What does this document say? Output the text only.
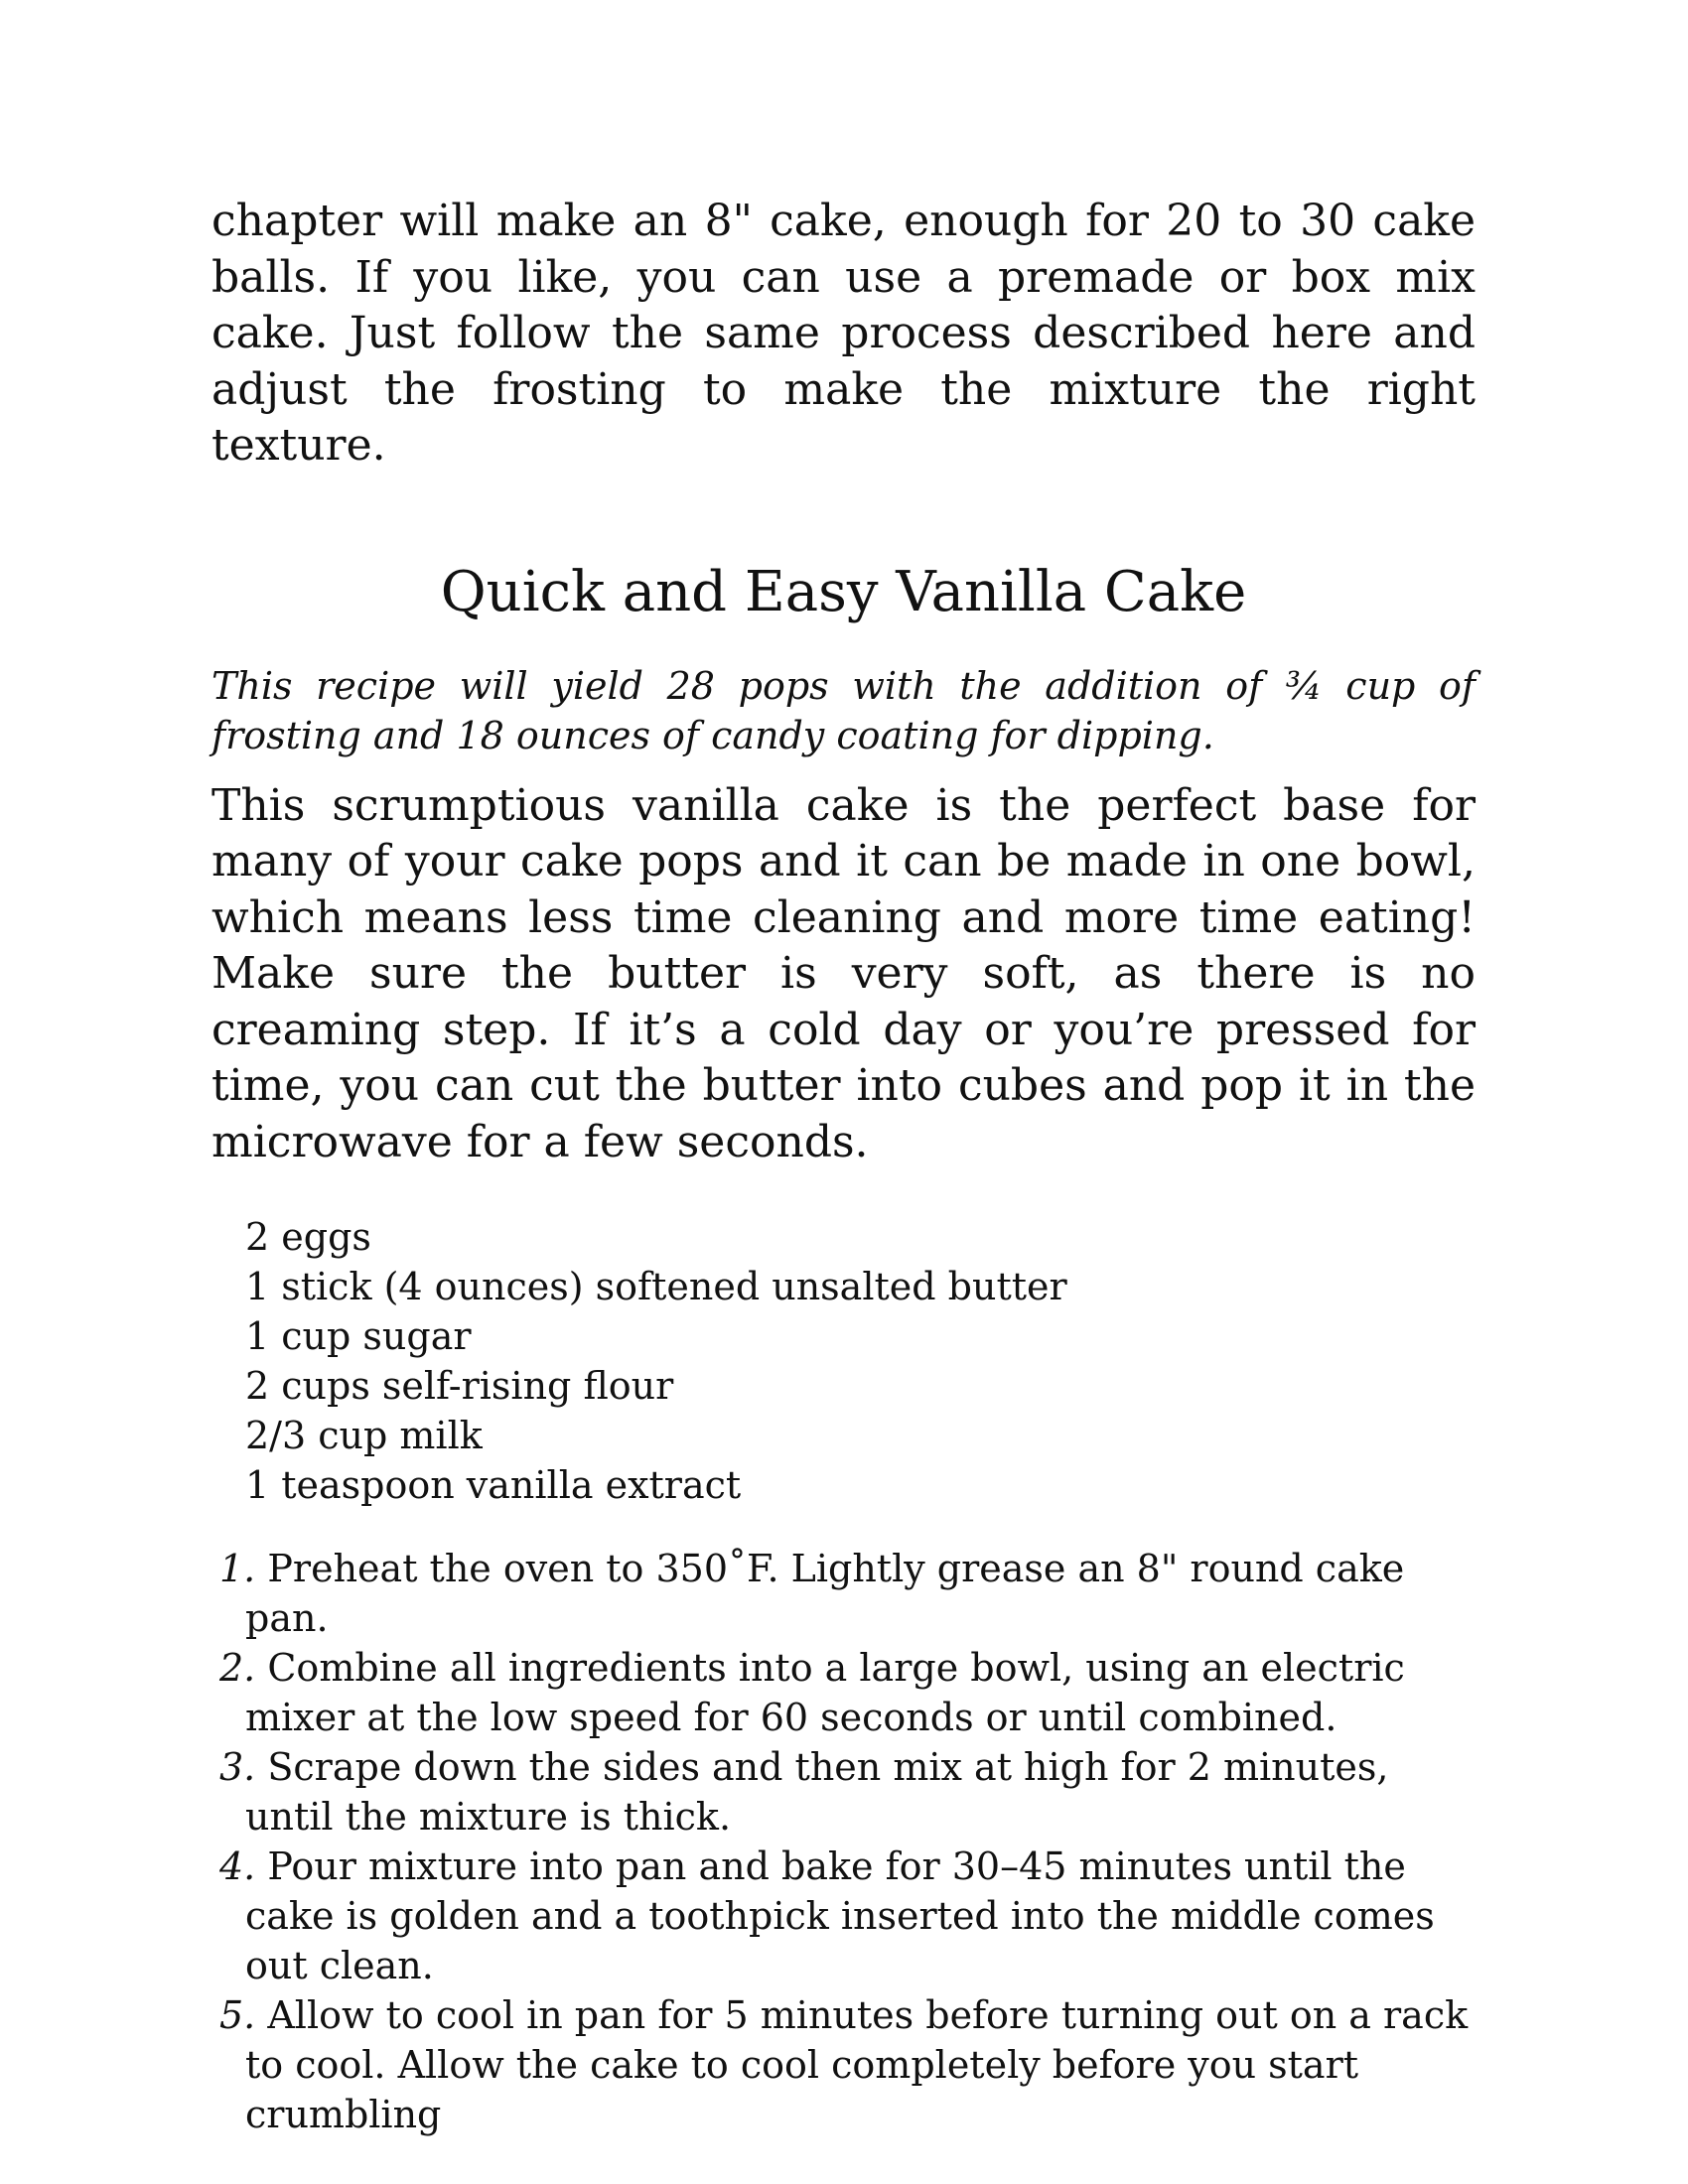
chapter will make an 8" cake, enough for 20 to 30 cake balls. If you like, you can use a premade or box mix cake. Just follow the same process described here and adjust the frosting to make the mixture the right texture.

Quick and Easy Vanilla Cake

This recipe will yield 28 pops with the addition of ¾ cup of frosting and 18 ounces of candy coating for dipping.

This scrumptious vanilla cake is the perfect base for many of your cake pops and it can be made in one bowl, which means less time cleaning and more time eating! Make sure the butter is very soft, as there is no creaming step. If it’s a cold day or you’re pressed for time, you can cut the butter into cubes and pop it in the microwave for a few seconds.

2 eggs
1 stick (4 ounces) softened unsalted butter
1 cup sugar
2 cups self-rising flour
2/3 cup milk
1 teaspoon vanilla extract
1. Preheat the oven to 350˚F. Lightly grease an 8" round cake pan.
2. Combine all ingredients into a large bowl, using an electric mixer at the low speed for 60 seconds or until combined.
3. Scrape down the sides and then mix at high for 2 minutes, until the mixture is thick.
4. Pour mixture into pan and bake for 30–45 minutes until the cake is golden and a toothpick inserted into the middle comes out clean.
5. Allow to cool in pan for 5 minutes before turning out on a rack to cool. Allow the cake to cool completely before you start crumbling
